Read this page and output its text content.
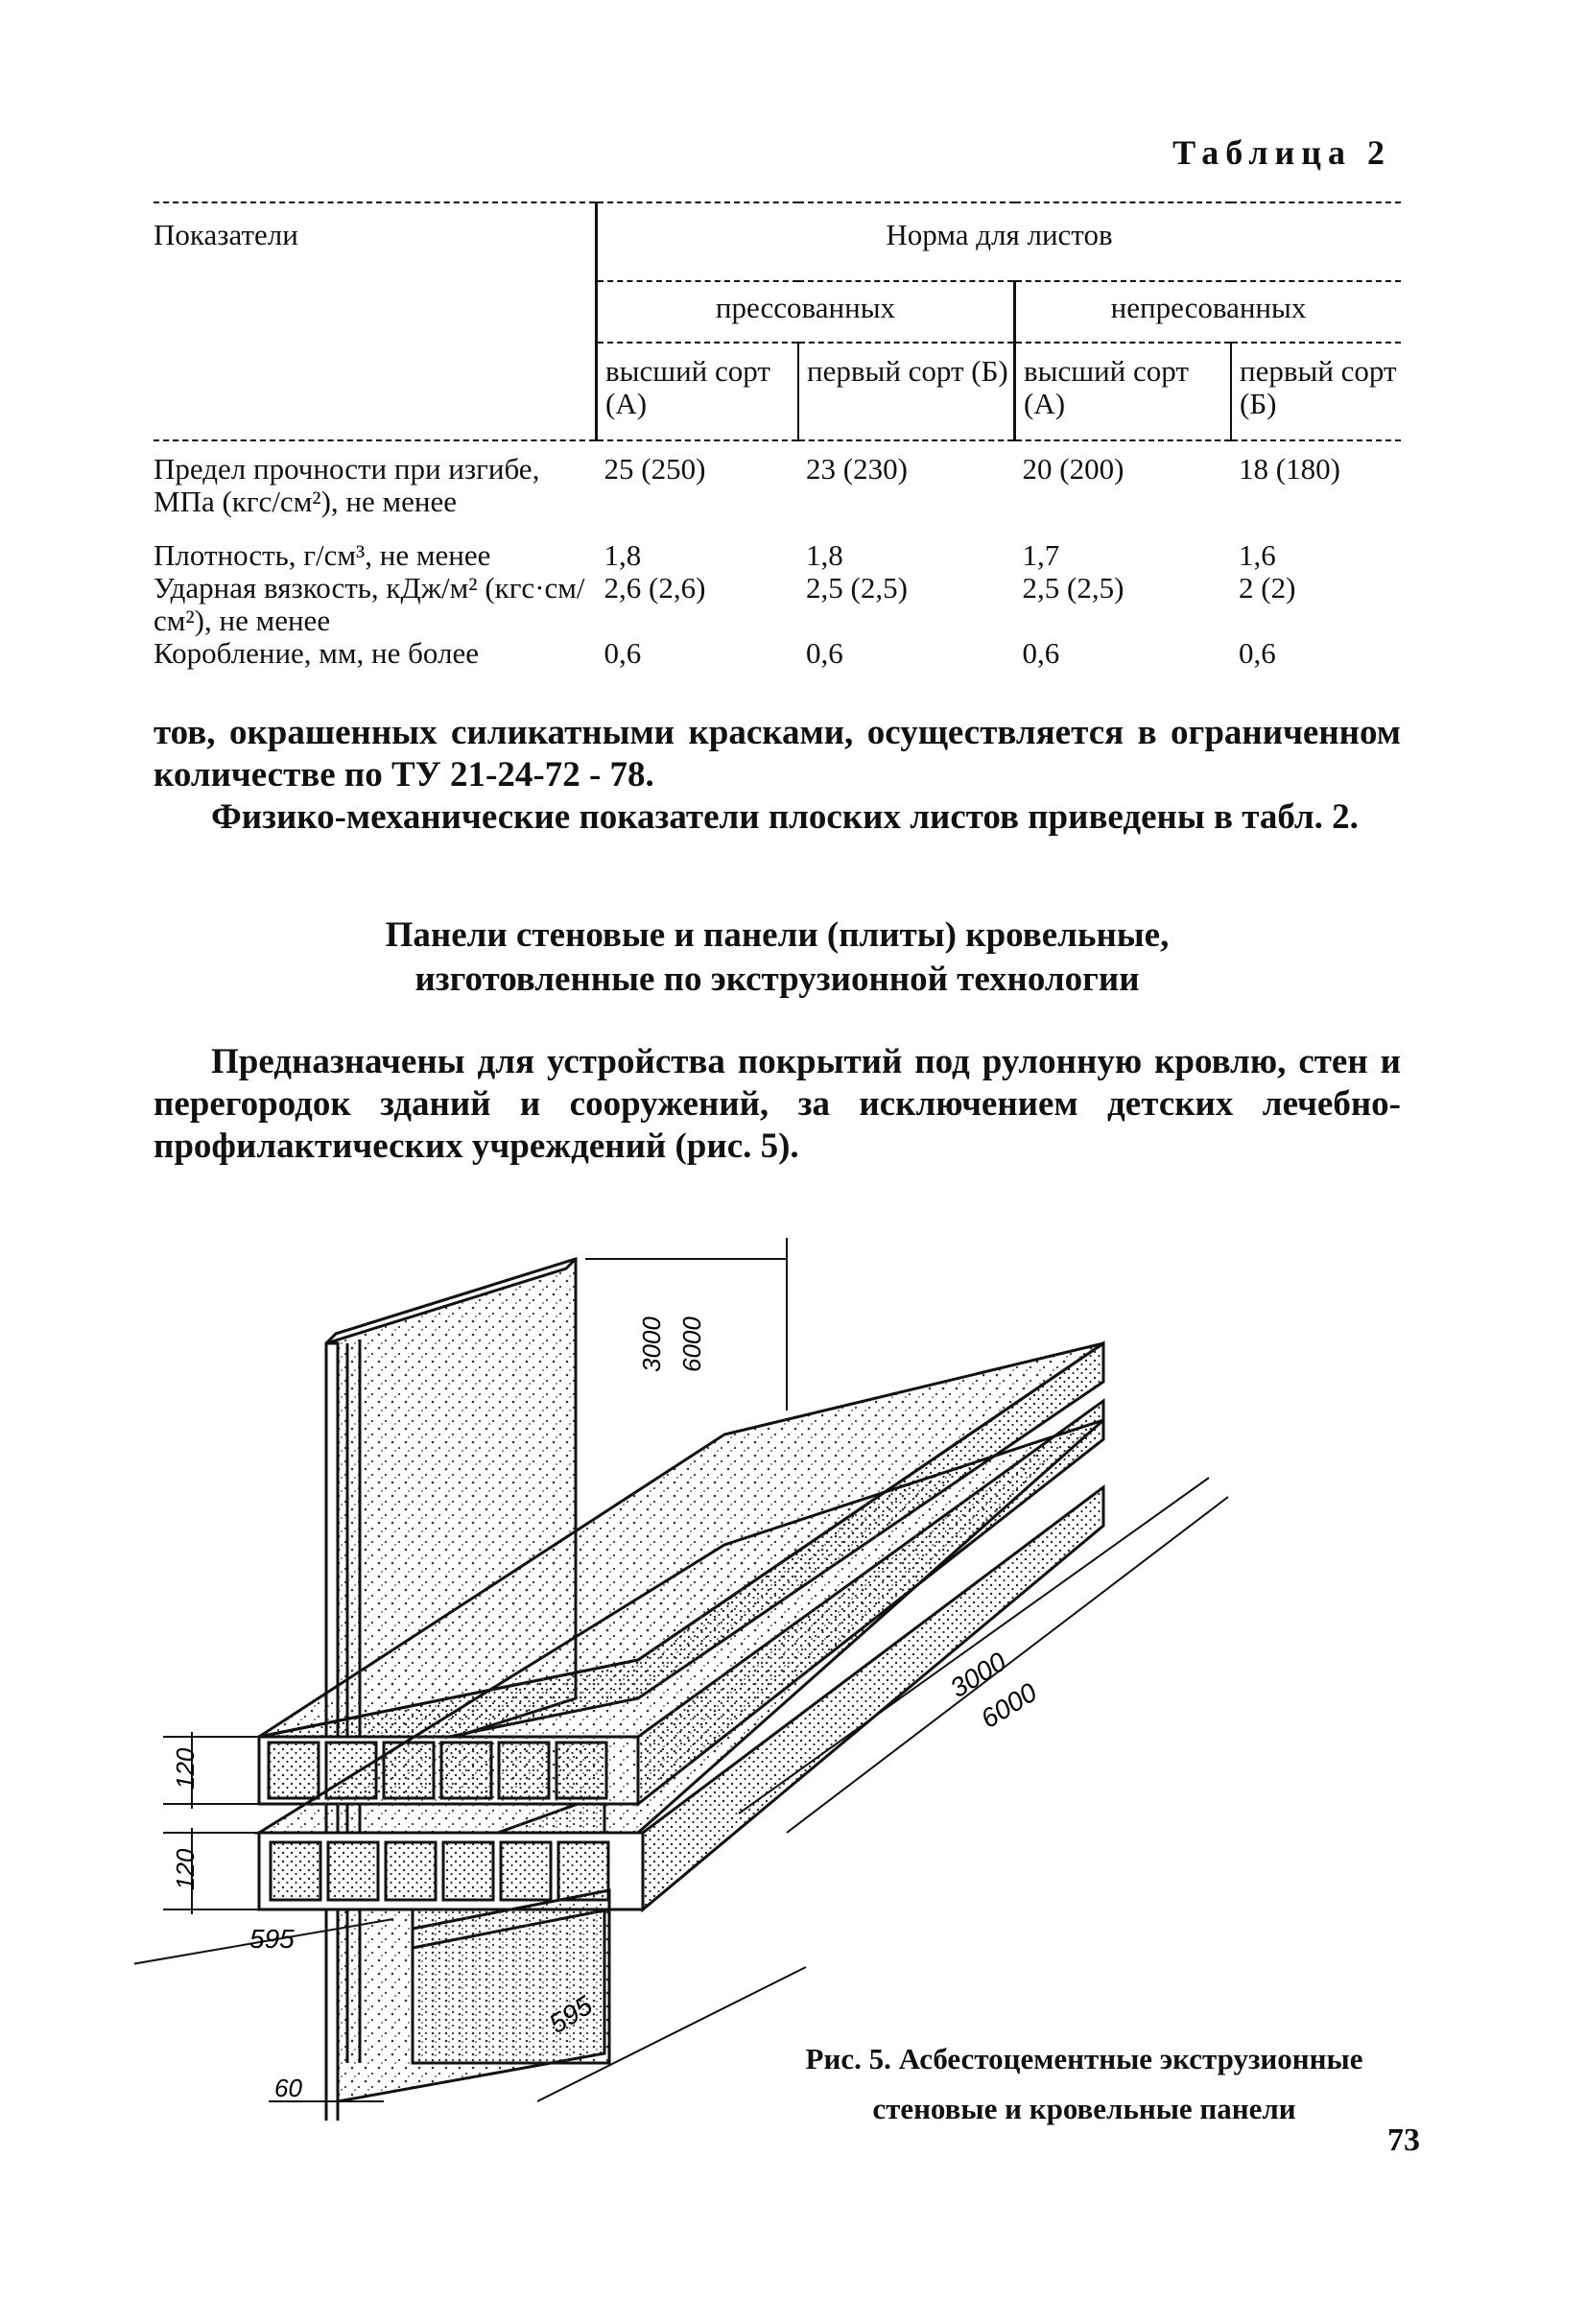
Таблица 2
Показатели	Норма для листов			
	прессованных		непресованных	
	высший сорт (А)	первый сорт (Б)	высший сорт (А)	первый сорт (Б)
Предел прочности при изгибе, МПа (кгс/см²), не менее	25 (250)	23 (230)	20 (200)	18 (180)
Плотность, г/см³, не менее	1,8	1,8	1,7	1,6
Ударная вязкость, кДж/м² (кгс·см/см²), не менее	2,6 (2,6)	2,5 (2,5)	2,5 (2,5)	2 (2)
Коробление, мм, не более	0,6	0,6	0,6	0,6
тов, окрашенных силикатными красками, осуществляется в ограниченном количестве по ТУ 21-24-72 - 78.
Физико-механические показатели плоских листов приведены в табл. 2.
Панели стеновые и панели (плиты) кровельные,
изготовленные по экструзионной технологии
Предназначены для устройства покрытий под рулонную кровлю, стен и перегородок зданий и сооружений, за исключением детских лечебно-профилактических учреждений (рис. 5).
3000 6000
120
120
3000
6000
595
595
60
Рис. 5. Асбестоцементные экструзионные
стеновые и кровельные панели
73
